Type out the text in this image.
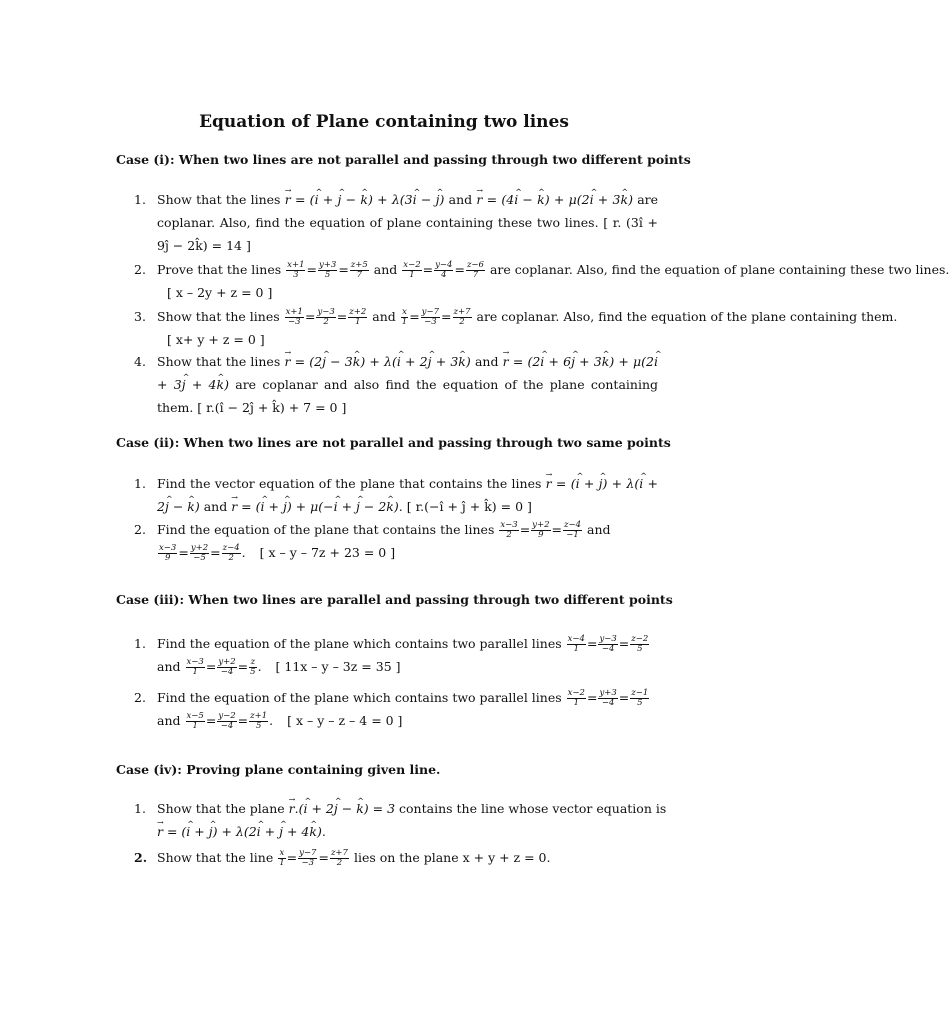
Equation of Plane containing two lines
Case (i): When two lines are not parallel and passing through two different points
1. Show that the lines r → = (i ^ + j ^ − k ^) + λ(3i ^ − j ^) and r → = (4i ^ − k ^) + μ(2i ^ + 3k ^) are coplanar. Also, find the equation of plane containing these two lines. [ r. (3î + 9ĵ − 2k̂) = 14 ]
2. Prove that the lines $\frac{x+1}{3} = \frac{y+3}{5} = \frac{z+5}{7}$ and $\frac{x-2}{1} = \frac{y-4}{4} = \frac{z-6}{7}$ are coplanar. Also, find the equation of plane containing these two lines.
[ x – 2y + z = 0 ]
3. Show that the lines $\frac{x+1}{-3} = \frac{y-3}{2} = \frac{z+2}{1}$ and $\frac{x}{1} = \frac{y-7}{-3} = \frac{z+7}{2}$ are coplanar. Also, find the equation of the plane containing them.
[ x+ y + z = 0 ]
4. Show that the lines r → = (2j ^ − 3k ^) + λ(i ^ + 2j ^ + 3k ^) and r → = (2i ^ + 6j ^ + 3k ^) + μ(2i ^ + 3j ^ + 4k ^) are coplanar and also find the equation of the plane containing them. [ r.(î − 2ĵ + k̂) + 7 = 0 ]
Case (ii): When two lines are not parallel and passing through two same points
1. Find the vector equation of the plane that contains the lines r → = (i ^ + j ^) + λ(i ^ + 2j ^ − k ^) and r → = (i ^ + j ^) + μ(−i ^ + j ^ − 2k ^). [ r.(−î + ĵ + k̂) = 0 ]
2. Find the equation of the plane that contains the lines $\frac{x-3}{2} = \frac{y+2}{9} = \frac{z-4}{-1}$ and
$\frac{x-3}{9} = \frac{y+2}{-5} = \frac{z-4}{2}$ . [ x – y – 7z + 23 = 0 ]
Case (iii): When two lines are parallel and passing through two different points
1. Find the equation of the plane which contains two parallel lines $\frac{x-4}{1} = \frac{y-3}{-4} = \frac{z-2}{5}$
and $\frac{x-3}{1} = \frac{y+2}{-4} = \frac{z}{5}$ . [ 11x – y – 3z = 35 ]
2. Find the equation of the plane which contains two parallel lines $\frac{x-2}{1} = \frac{y+3}{-4} = \frac{z-1}{5}$
and $\frac{x-5}{1} = \frac{y-2}{-4} = \frac{z+1}{5}$ . [ x – y – z – 4 = 0 ]
Case (iv): Proving plane containing given line.
1. Show that the plane r →.(i ^ + 2j ^ − k ^) = 3 contains the line whose vector equation is
r → = (i ^ + j ^) + λ(2i ^ + j ^ + 4k ^).
2. Show that the line $\frac{x}{1} = \frac{y-7}{-3} = \frac{z+7}{2}$ lies on the plane x + y + z = 0.
